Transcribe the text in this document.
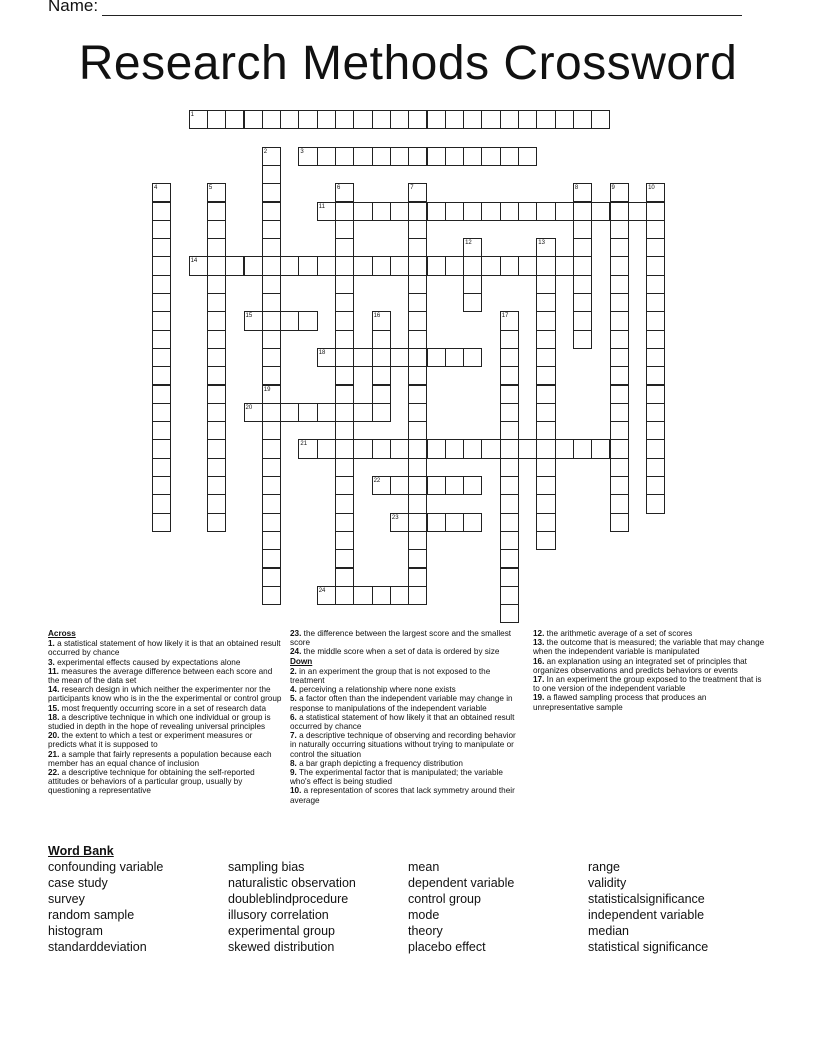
Name:
Research Methods Crossword
1
2
19
3
4	5	6	7	8	9	10
11
12	13
14
15	16	17
18
20
21
22
23
24
Across
1. a statistical statement of how likely it is that an obtained result occurred by chance
3. experimental effects caused by expectations alone
11. measures the average difference between each score and the mean of the data set
14. research design in which neither the experimenter nor the participants know who is in the the experimental or control group
15. most frequently occurring score in a set of research data
18. a descriptive technique in which one individual or group is studied in depth in the hope of revealing universal principles
20. the extent to which a test or experiment measures or predicts what it is supposed to
21. a sample that fairly represents a population because each member has an equal chance of inclusion
22. a descriptive technique for obtaining the self-reported attitudes or behaviors of a particular group, usually by questioning a representative
23. the difference between the largest score and the smallest score
24. the middle score when a set of data is ordered by size
Down
2. in an experiment the group that is not exposed to the treatment
4. perceiving a relationship where none exists
5. a factor often than the independent variable may change in response to manipulations of the independent variable
6. a statistical statement of how likely it that an obtained result occurred by chance
7. a descriptive technique of observing and recording behavior in naturally occurring situations without trying to manipulate or control the situation
8. a bar graph depicting a frequency distribution
9. The experimental factor that is manipulated; the variable who's effect is being studied
10. a representation of scores that lack symmetry around their average
12. the arithmetic average of a set of scores
13. the outcome that is measured; the variable that may change when the independent variable is manipulated
16. an explanation using an integrated set of principles that organizes observations and predicts behaviors or events
17. In an experiment the group exposed to the treatment that is to one version of the independent variable
19. a flawed sampling process that produces an unrepresentative sample
Word Bank
confounding variable	sampling bias	mean	range
case study	naturalistic observation	dependent variable	validity
survey	doubleblindprocedure	control group	statisticalsignificance
random sample	illusory correlation	mode	independent variable
histogram	experimental group	theory	median
standarddeviation	skewed distribution	placebo effect	statistical significance
